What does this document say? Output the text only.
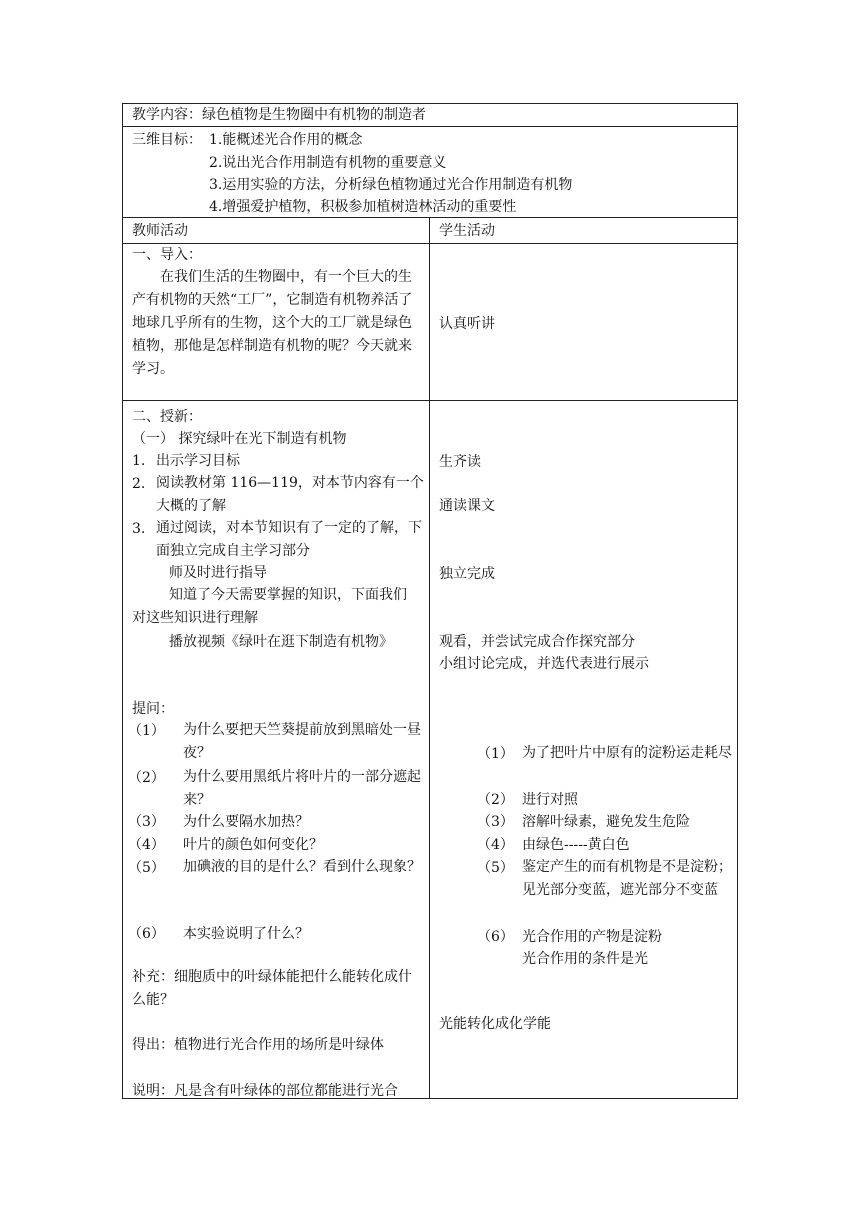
教学内容：绿色植物是生物圈中有机物的制造者
三维目标： 1.能概述光合作用的概念
2.说出光合作用制造有机物的重要意义
3.运用实验的方法，分析绿色植物通过光合作用制造有机物
4.增强爱护植物，积极参加植树造林活动的重要性
教师活动	学生活动
一、导入：
在我们生活的生物圈中，有一个巨大的生产有机物的天然“工厂”，它制造有机物养活了地球几乎所有的生物，这个大的工厂就是绿色植物，那他是怎样制造有机物的呢？今天就来学习。
认真听讲
二、授新：
（一） 探究绿叶在光下制造有机物
1. 出示学习目标
2. 阅读教材第 116—119，对本节内容有一个大概的了解
3. 通过阅读，对本节知识有了一定的了解，下面独立完成自主学习部分
师及时进行指导
知道了今天需要掌握的知识，下面我们对这些知识进行理解
播放视频《绿叶在逛下制造有机物》
提问：
（1） 为什么要把天竺葵提前放到黑暗处一昼夜？
（2） 为什么要用黑纸片将叶片的一部分遮起来？
（3） 为什么要隔水加热？
（4） 叶片的颜色如何变化？
（5） 加碘液的目的是什么？看到什么现象？
（6） 本实验说明了什么？
补充：细胞质中的叶绿体能把什么能转化成什么能？
得出：植物进行光合作用的场所是叶绿体
说明：凡是含有叶绿体的部位都能进行光合
生齐读
通读课文
独立完成
观看，并尝试完成合作探究部分
小组讨论完成，并选代表进行展示
（1） 为了把叶片中原有的淀粉运走耗尽
（2） 进行对照
（3） 溶解叶绿素，避免发生危险
（4） 由绿色-----黄白色
（5） 鉴定产生的而有机物是不是淀粉；见光部分变蓝，遮光部分不变蓝
（6） 光合作用的产物是淀粉
光合作用的条件是光
光能转化成化学能
